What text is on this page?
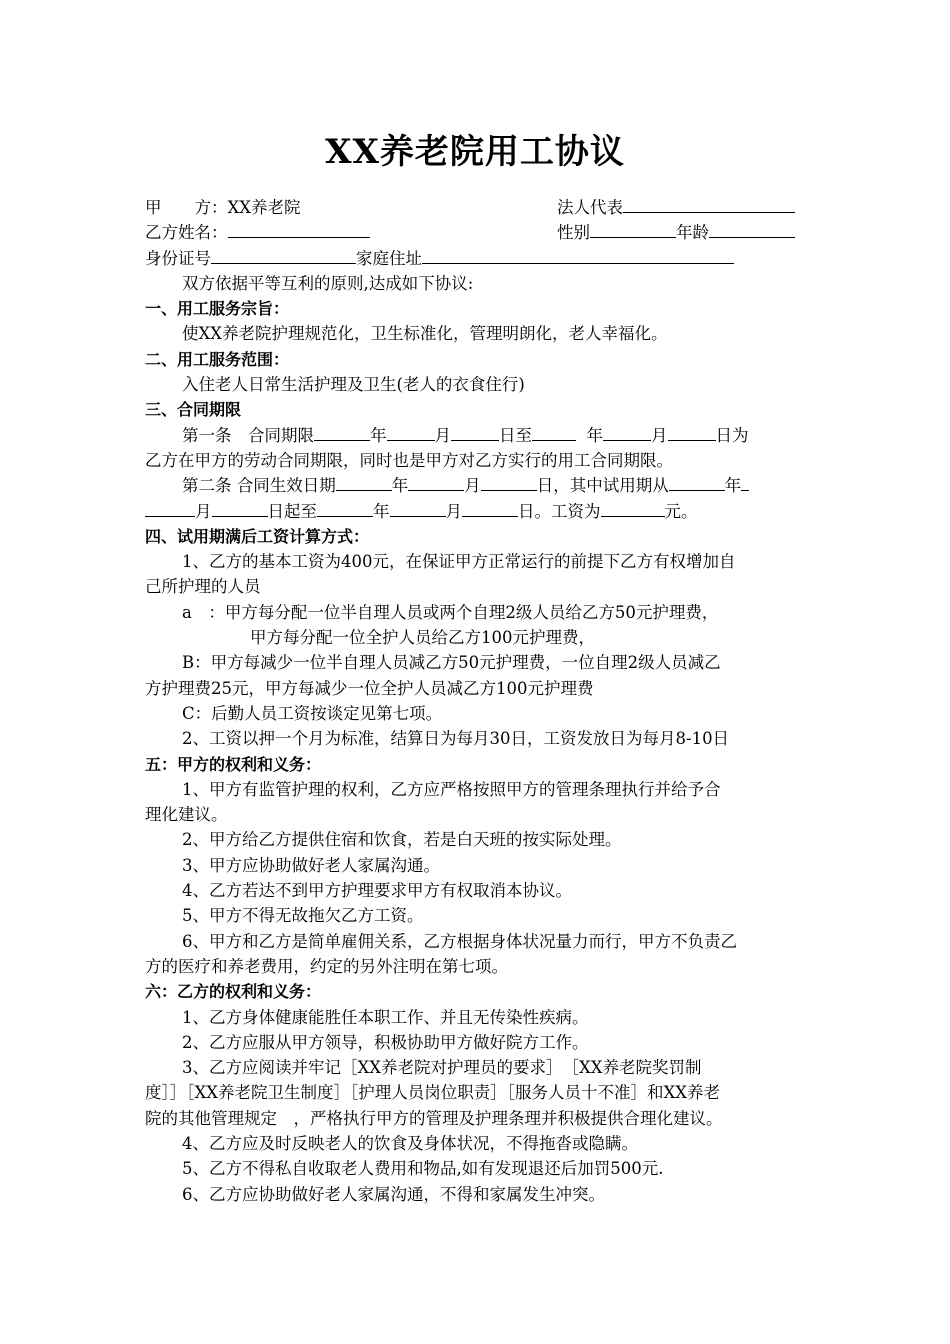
XX养老院用工协议
甲　　方：XX养老院	法人代表
乙方姓名：	性别	年龄
身份证号	家庭住址
双方依据平等互利的原则,达成如下协议:
一、用工服务宗旨：
使XX养老院护理规范化，卫生标准化，管理明朗化，老人幸福化。
二、用工服务范围：
入住老人日常生活护理及卫生(老人的衣食住行)
三、合同期限
第一条　合同期限	年	月	日至	年	月	日为
乙方在甲方的劳动合同期限，同时也是甲方对乙方实行的用工合同期限。
第二条 合同生效日期	年	月	日，其中试用期从	年
月	日起至	年	月	日。工资为	元。
四、试用期满后工资计算方式：
1、乙方的基本工资为400元，在保证甲方正常运行的前提下乙方有权增加自
己所护理的人员
a　：甲方每分配一位半自理人员或两个自理2级人员给乙方50元护理费，
甲方每分配一位全护人员给乙方100元护理费，
B：甲方每减少一位半自理人员减乙方50元护理费，一位自理2级人员减乙
方护理费25元，甲方每减少一位全护人员减乙方100元护理费
C：后勤人员工资按谈定见第七项。
2、工资以押一个月为标准，结算日为每月30日，工资发放日为每月8-10日
五：甲方的权利和义务：
1、甲方有监管护理的权利，乙方应严格按照甲方的管理条理执行并给予合
理化建议。
2、甲方给乙方提供住宿和饮食，若是白天班的按实际处理。
3、甲方应协助做好老人家属沟通。
4、乙方若达不到甲方护理要求甲方有权取消本协议。
5、甲方不得无故拖欠乙方工资。
6、甲方和乙方是简单雇佣关系，乙方根据身体状况量力而行，甲方不负责乙
方的医疗和养老费用，约定的另外注明在第七项。
六：乙方的权利和义务：
1、乙方身体健康能胜任本职工作、并且无传染性疾病。
2、乙方应服从甲方领导，积极协助甲方做好院方工作。
3、乙方应阅读并牢记［XX养老院对护理员的要求］　［XX养老院奖罚制
度］］［XX养老院卫生制度］［护理人员岗位职责］［服务人员十不准］和XX养老
院的其他管理规定　，严格执行甲方的管理及护理条理并积极提供合理化建议。
4、乙方应及时反映老人的饮食及身体状况，不得拖沓或隐瞒。
5、乙方不得私自收取老人费用和物品,如有发现退还后加罚500元.
6、乙方应协助做好老人家属沟通，不得和家属发生冲突。
